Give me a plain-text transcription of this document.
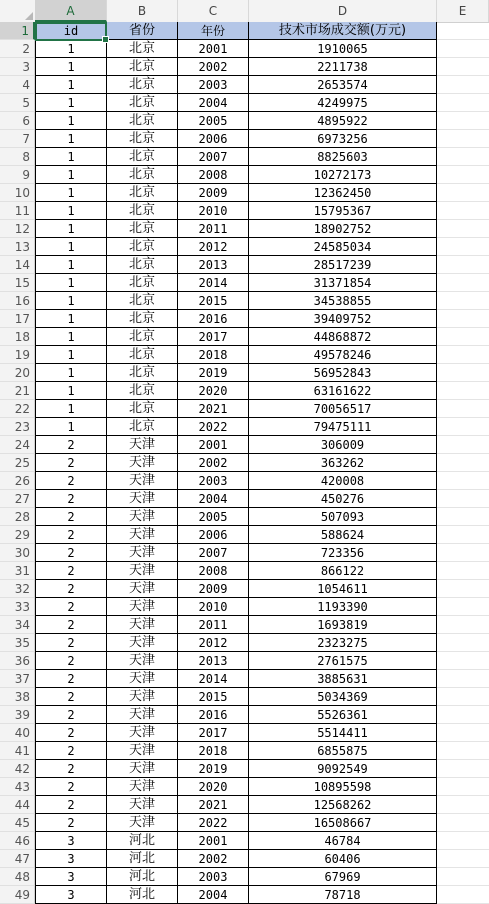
A	B	C	D	E
1	id	省份	年份	技术市场成交额(万元)
2	1	北京	2001	1910065
3	1	北京	2002	2211738
4	1	北京	2003	2653574
5	1	北京	2004	4249975
6	1	北京	2005	4895922
7	1	北京	2006	6973256
8	1	北京	2007	8825603
9	1	北京	2008	10272173
10	1	北京	2009	12362450
11	1	北京	2010	15795367
12	1	北京	2011	18902752
13	1	北京	2012	24585034
14	1	北京	2013	28517239
15	1	北京	2014	31371854
16	1	北京	2015	34538855
17	1	北京	2016	39409752
18	1	北京	2017	44868872
19	1	北京	2018	49578246
20	1	北京	2019	56952843
21	1	北京	2020	63161622
22	1	北京	2021	70056517
23	1	北京	2022	79475111
24	2	天津	2001	306009
25	2	天津	2002	363262
26	2	天津	2003	420008
27	2	天津	2004	450276
28	2	天津	2005	507093
29	2	天津	2006	588624
30	2	天津	2007	723356
31	2	天津	2008	866122
32	2	天津	2009	1054611
33	2	天津	2010	1193390
34	2	天津	2011	1693819
35	2	天津	2012	2323275
36	2	天津	2013	2761575
37	2	天津	2014	3885631
38	2	天津	2015	5034369
39	2	天津	2016	5526361
40	2	天津	2017	5514411
41	2	天津	2018	6855875
42	2	天津	2019	9092549
43	2	天津	2020	10895598
44	2	天津	2021	12568262
45	2	天津	2022	16508667
46	3	河北	2001	46784
47	3	河北	2002	60406
48	3	河北	2003	67969
49	3	河北	2004	78718
